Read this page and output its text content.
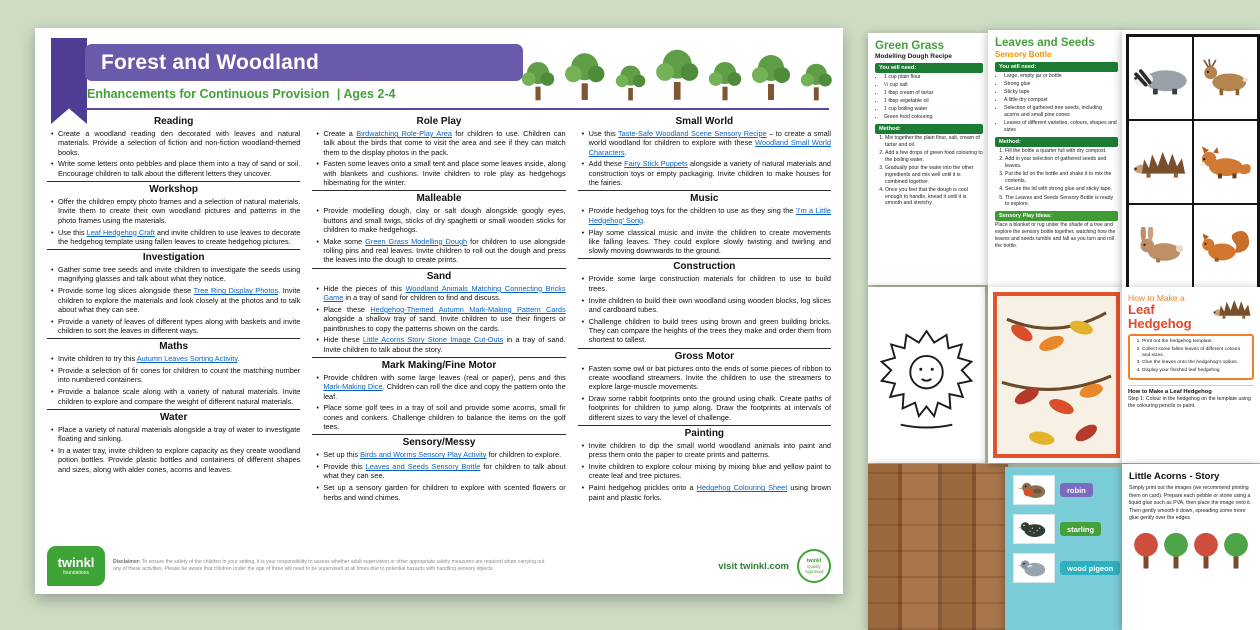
Forest and Woodland
Enhancements for Continuous Provision | Ages 2-4
Reading
• Create a woodland reading den decorated with leaves and natural materials. Provide a selection of fiction and non-fiction woodland-themed books.
• Write some letters onto pebbles and place them into a tray of sand or soil. Encourage children to talk about the different letters they uncover.
Workshop
• Offer the children empty photo frames and a selection of natural materials. Invite them to create their own woodland pictures and patterns in the photo frames using the materials.
• Use this Leaf Hedgehog Craft and invite children to use leaves to decorate the hedgehog template using fallen leaves to create hedgehog pictures.
Investigation
• Gather some tree seeds and invite children to investigate the seeds using magnifying glasses and talk about what they notice.
• Provide some log slices alongside these Tree Ring Display Photos. Invite children to explore the materials and look closely at the photos and to talk about what they can see.
• Provide a variety of leaves of different types along with baskets and invite children to sort the leaves in different ways.
Maths
• Invite children to try this Autumn Leaves Sorting Activity.
• Provide a selection of fir cones for children to count the matching number into numbered containers.
• Provide a balance scale along with a variety of natural materials. Invite children to explore and compare the weight of different natural materials.
Water
• Place a variety of natural materials alongside a tray of water to investigate floating and sinking.
• In a water tray, invite children to explore capacity as they create woodland potion bottles. Provide plastic bottles and containers of different shapes and sizes, along with alder cones, acorns and leaves.
Role Play
• Create a Birdwatching Role-Play Area for children to use. Children can talk about the birds that come to visit the area and see if they can match them to the display photos in the pack.
• Fasten some leaves onto a small tent and place some leaves inside, along with blankets and cushions. Invite children to role play as hedgehogs hibernating for the winter.
Malleable
• Provide modelling dough, clay or salt dough alongside googly eyes, buttons and small twigs, sticks of dry spaghetti or small wooden sticks for children to make hedgehogs.
• Make some Green Grass Modelling Dough for children to use alongside rolling pins and real leaves. Invite children to roll out the dough and press the leaves into the dough to create prints.
Sand
• Hide the pieces of this Woodland Animals Matching Connecting Bricks Game in a tray of sand for children to find and discuss.
• Place these Hedgehog-Themed Autumn Mark-Making Pattern Cards alongside a shallow tray of sand. Invite children to use their fingers or paintbrushes to copy the patterns shown on the cards.
• Hide these Little Acorns Story Stone Image Cut-Outs in a tray of sand. Invite children to talk about the story.
Mark Making/Fine Motor
• Provide children with some large leaves (real or paper), pens and this Mark-Making Dice. Children can roll the dice and copy the pattern onto the leaf.
• Place some golf tees in a tray of soil and provide some acorns, small fir cones and conkers. Challenge children to balance the items on the golf tees.
Sensory/Messy
• Set up this Birds and Worms Sensory Play Activity for children to explore.
• Provide this Leaves and Seeds Sensory Bottle for children to talk about what they can see.
• Set up a sensory garden for children to explore with scented flowers or herbs and wind chimes.
Small World
• Use this Taste-Safe Woodland Scene Sensory Recipe – to create a small world woodland for children to explore with these Woodland Small World Characters.
• Add these Fairy Stick Puppets alongside a variety of natural materials and construction toys or empty packaging. Invite children to make houses for the fairies.
Music
• Provide hedgehog toys for the children to use as they sing the 'I'm a Little Hedgehog' Song.
• Play some classical music and invite the children to create movements like falling leaves. They could explore slowly twisting and twirling and slowly moving downwards to the ground.
Construction
• Provide some large construction materials for children to use to build trees.
• Invite children to build their own woodland using wooden blocks, log slices and cardboard tubes.
• Challenge children to build trees using brown and green building bricks. They can compare the heights of the trees they make and order them from shortest to tallest.
Gross Motor
• Fasten some owl or bat pictures onto the ends of some pieces of ribbon to create woodland streamers. Invite the children to use the streamers to explore large-muscle movements.
• Draw some rabbit footprints onto the ground using chalk. Create paths of footprints for children to jump along. Draw the footprints at intervals of different sizes to vary the level of challenge.
Painting
• Invite children to dip the small world woodland animals into paint and press them onto the paper to create prints and patterns.
• Invite children to explore colour mixing by mixing blue and yellow paint to create leaf and tree pictures.
• Paint hedgehog prickles onto a Hedgehog Colouring Sheet using brown paint and plastic forks.
twinkl
foundations
Disclaimer: To ensure the safety of the children in your setting, it is your responsibility to assess whether adult supervision or other appropriate safety measures are required when carrying out any of these activities. Please be aware that children under the age of three will need to be supervised at all times due to potential hazards with handling sensory objects.	visit twinkl.com	twinkl
Quality Approved
Green Grass
Modelling Dough Recipe
You will need:
• 1 cup plain flour
• ½ cup salt
• 1 tbsp cream of tartar
• 1 tbsp vegetable oil
• 1 cup boiling water
• Green food colouring
Method:
1. Mix together the plain flour, salt, cream of tartar and oil.
2. Add a few drops of green food colouring to the boiling water.
3. Gradually pour the water into the other ingredients and mix well until it is combined together.
4. Once you feel that the dough is cool enough to handle, knead it until it is smooth and stretchy.
Leaves and Seeds
Sensory Bottle
You will need:
• Large, empty jar or bottle
• Strong glue
• Sticky tape
• A little dry compost
• Selection of gathered tree seeds, including acorns and small pine cones
• Leaves of different varieties, colours, shapes and sizes
Method:
1. Fill the bottle a quarter full with dry compost.
2. Add in your selection of gathered seeds and leaves.
3. Put the lid on the bottle and shake it to mix the contents.
4. Secure the lid with strong glue and sticky tape.
5. The Leaves and Seeds Sensory Bottle is ready to explore.
Sensory Play Ideas:
Place a blanket or rug under the shade of a tree and explore the sensory bottle together, watching how the leaves and seeds tumble and fall as you turn and roll the bottle.
How to Make a
Leaf Hedgehog
1. Print out the hedgehog template.
2. Collect some fallen leaves of different colours and sizes.
3. Glue the leaves onto the hedgehog's spikes.
4. Display your finished leaf hedgehog.
How to Make a Leaf Hedgehog
Step 1: Colour in the hedgehog on the template using the colouring pencils or paint.
robin
starling
wood pigeon
Little Acorns - Story
Simply print out the images (we recommend printing them on card). Prepare each pebble or stone using a liquid glue such as PVA, then place the image onto it. Then gently smooth it down, spreading some more glue gently over the edges.
